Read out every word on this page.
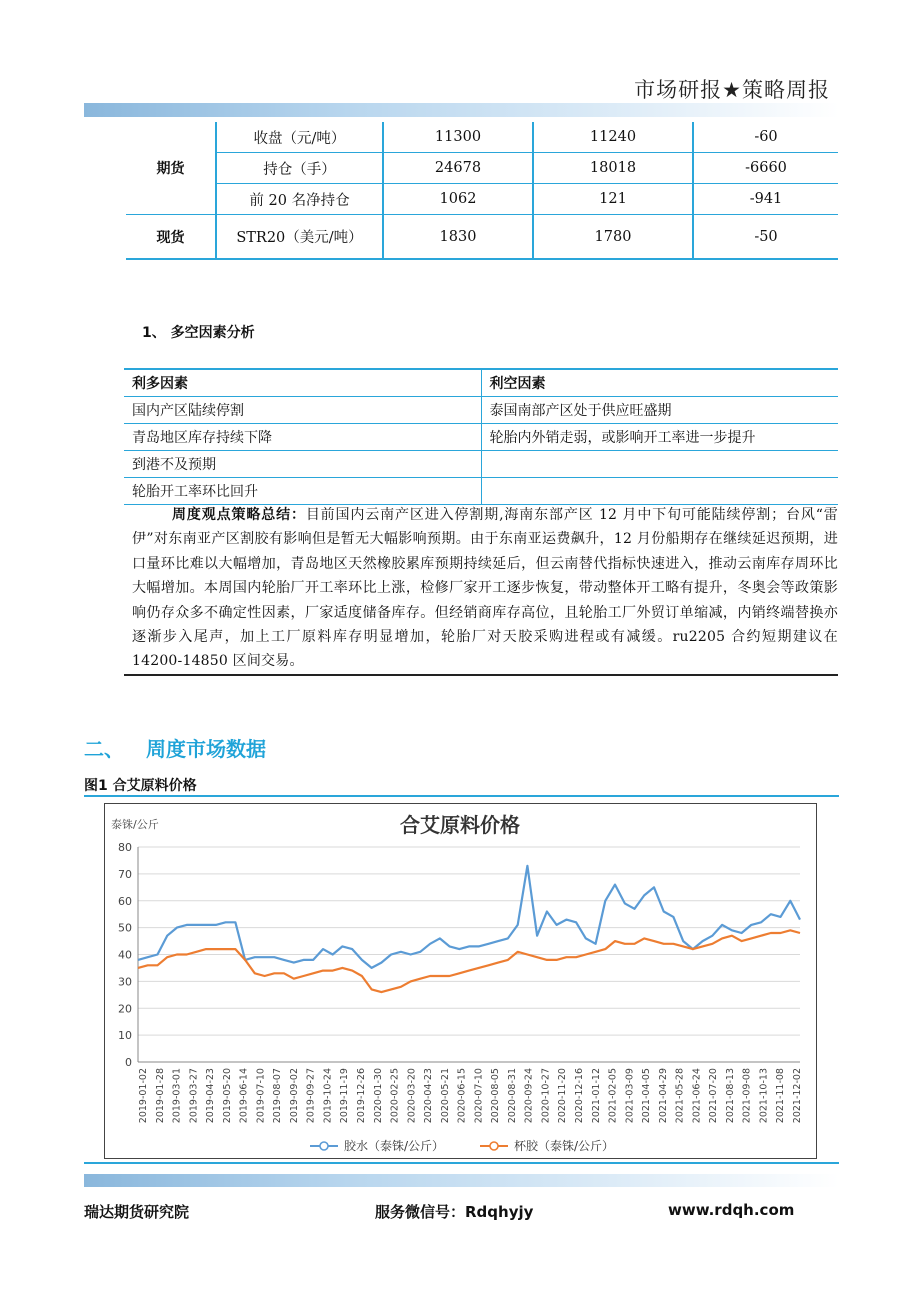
市场研报★策略周报
期货	收盘（元/吨）	11300	11240	-60
	持仓（手）	24678	18018	-6660
	前 20 名净持仓	1062	121	-941
现货	STR20（美元/吨）	1830	1780	-50
1、 多空因素分析
利多因素	利空因素
国内产区陆续停割	泰国南部产区处于供应旺盛期
青岛地区库存持续下降	轮胎内外销走弱，或影响开工率进一步提升
到港不及预期	
轮胎开工率环比回升	
周度观点策略总结：目前国内云南产区进入停割期,海南东部产区 12 月中下旬可能陆续停割；台风“雷伊”对东南亚产区割胶有影响但是暂无大幅影响预期。由于东南亚运费飙升，12 月份船期存在继续延迟预期，进口量环比难以大幅增加，青岛地区天然橡胶累库预期持续延后，但云南替代指标快速进入，推动云南库存周环比大幅增加。本周国内轮胎厂开工率环比上涨，检修厂家开工逐步恢复，带动整体开工略有提升，冬奥会等政策影响仍存众多不确定性因素，厂家适度储备库存。但经销商库存高位，且轮胎工厂外贸订单缩减，内销终端替换亦逐渐步入尾声，加上工厂原料库存明显增加，轮胎厂对天胶采购进程或有减缓。ru2205 合约短期建议在 14200-14850 区间交易。
二、 周度市场数据
图1 合艾原料价格
合艾原料价格
泰铢/公斤
0
10
20
30
40
50
60
70
80
2019-01-02 2019-01-28 2019-03-01 2019-03-27 2019-04-23 2019-05-20 2019-06-14 2019-07-10 2019-08-07 2019-09-02 2019-09-27 2019-10-24 2019-11-19 2019-12-26 2020-01-30 2020-02-25 2020-03-20 2020-04-23 2020-05-21 2020-06-15 2020-07-10 2020-08-05 2020-08-31 2020-09-24 2020-10-27 2020-11-20 2020-12-16 2021-01-12 2021-02-05 2021-03-09 2021-04-05 2021-04-29 2021-05-28 2021-06-24 2021-07-20 2021-08-13 2021-09-08 2021-10-13 2021-11-08 2021-12-02
胶水（泰铢/公斤）	杯胶（泰铢/公斤）
瑞达期货研究院	服务微信号：Rdqhyjy	www.rdqh.com
